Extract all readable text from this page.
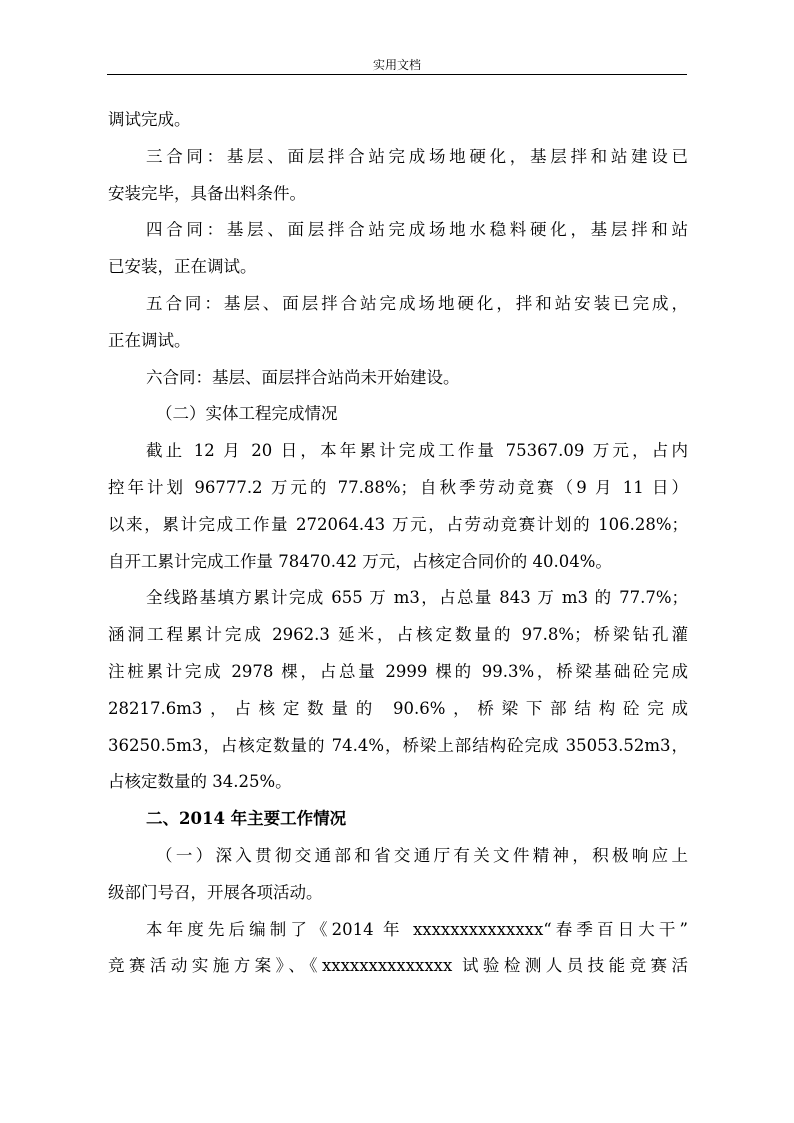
实用文档

调试完成。

三合同：基层、面层拌合站完成场地硬化，基层拌和站建设已

安装完毕，具备出料条件。

四合同：基层、面层拌合站完成场地水稳料硬化，基层拌和站

已安装，正在调试。

五合同：基层、面层拌合站完成场地硬化，拌和站安装已完成，

正在调试。

六合同：基层、面层拌合站尚未开始建设。

（二）实体工程完成情况

截止 12 月 20 日，本年累计完成工作量 75367.09 万元，占内

控年计划 96777.2 万元的 77.88%；自秋季劳动竞赛（9 月 11 日）

以来，累计完成工作量 272064.43 万元，占劳动竞赛计划的 106.28%；

自开工累计完成工作量 78470.42 万元，占核定合同价的 40.04%。

全线路基填方累计完成 655 万 m3，占总量 843 万 m3 的 77.7%；

涵洞工程累计完成 2962.3 延米，占核定数量的 97.8%；桥梁钻孔灌

注桩累计完成 2978 棵，占总量 2999 棵的 99.3%，桥梁基础砼完成

28217.6m3，占核定数量的 90.6%，桥梁下部结构砼完成

36250.5m3，占核定数量的 74.4%，桥梁上部结构砼完成 35053.52m3，

占核定数量的 34.25%。

二、2014 年主要工作情况

（一）深入贯彻交通部和省交通厅有关文件精神，积极响应上

级部门号召，开展各项活动。

本年度先后编制了《2014 年 xxxxxxxxxxxxxx“春季百日大干”

竞赛活动实施方案》、《xxxxxxxxxxxxxx 试验检测人员技能竞赛活
